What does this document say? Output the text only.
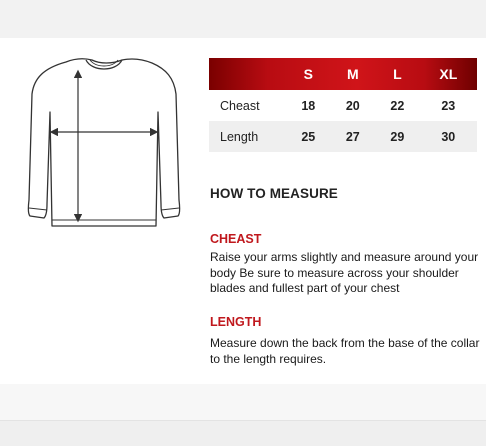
	S	M	L	XL
Cheast	18	20	22	23
Length	25	27	29	30
HOW TO MEASURE
CHEAST
Raise your arms slightly and measure around your body Be sure to measure across your shoulder blades and fullest part of your chest
LENGTH
Measure down the back from the base of the collar to the length requires.
